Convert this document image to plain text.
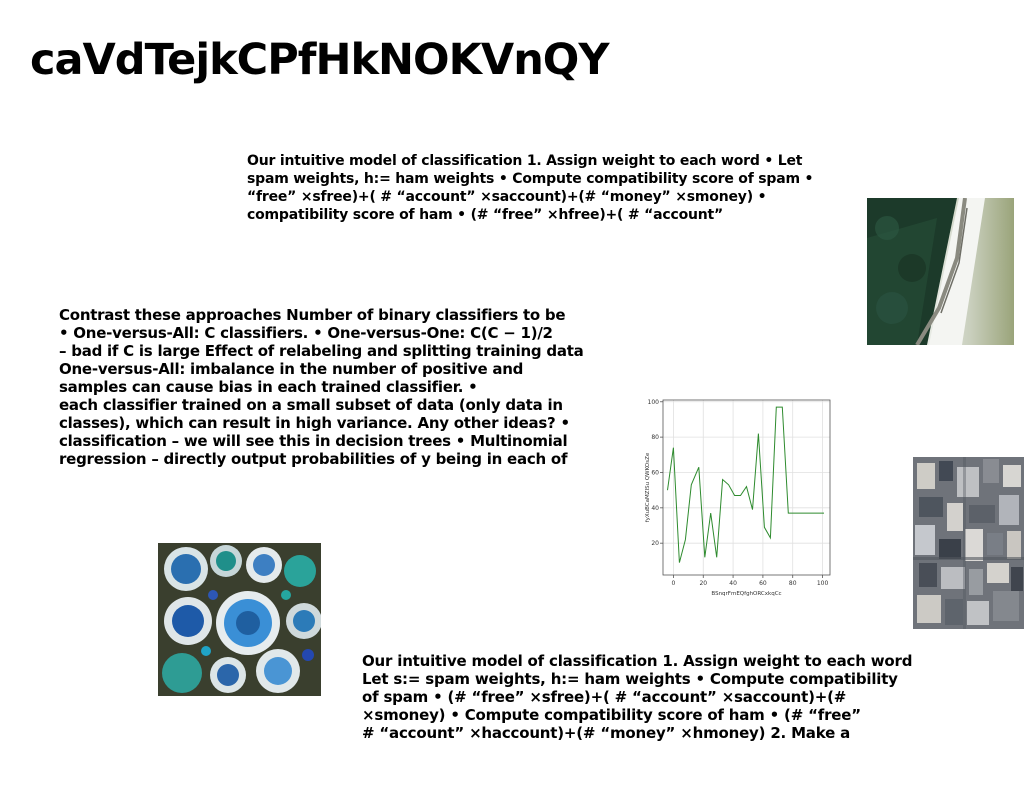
caVdTejkCPfHkNOKVnQY
Our intuitive model of classification 1. Assign weight to each word • Let
spam weights, h:= ham weights • Compute compatibility score of spam •
“free” ×sfree)+( # “account” ×saccount)+(# “money” ×smoney) •
compatibility score of ham • (# “free” ×hfree)+( # “account”
Contrast these approaches Number of binary classifiers to be
• One-versus-All: C classifiers. • One-versus-One: C(C − 1)/2
– bad if C is large Effect of relabeling and splitting training data
One-versus-All: imbalance in the number of positive and
samples can cause bias in each trained classifier. •
each classifier trained on a small subset of data (only data in
classes), which can result in high variance. Any other ideas? •
classification – we will see this in decision trees • Multinomial
regression – directly output probabilities of y being in each of
Our intuitive model of classification 1. Assign weight to each word
Let s:= spam weights, h:= ham weights • Compute compatibility
of spam • (# “free” ×sfree)+( # “account” ×saccount)+(#
×smoney) • Compute compatibility score of ham • (# “free”
# “account” ×haccount)+(# “money” ×hmoney) 2. Make a
0	20	40	60	80	100
20
40
60
80
100
BSnqrFmEQfghORCxkqCc
fyXuBCaMZISu QWKOsZe
